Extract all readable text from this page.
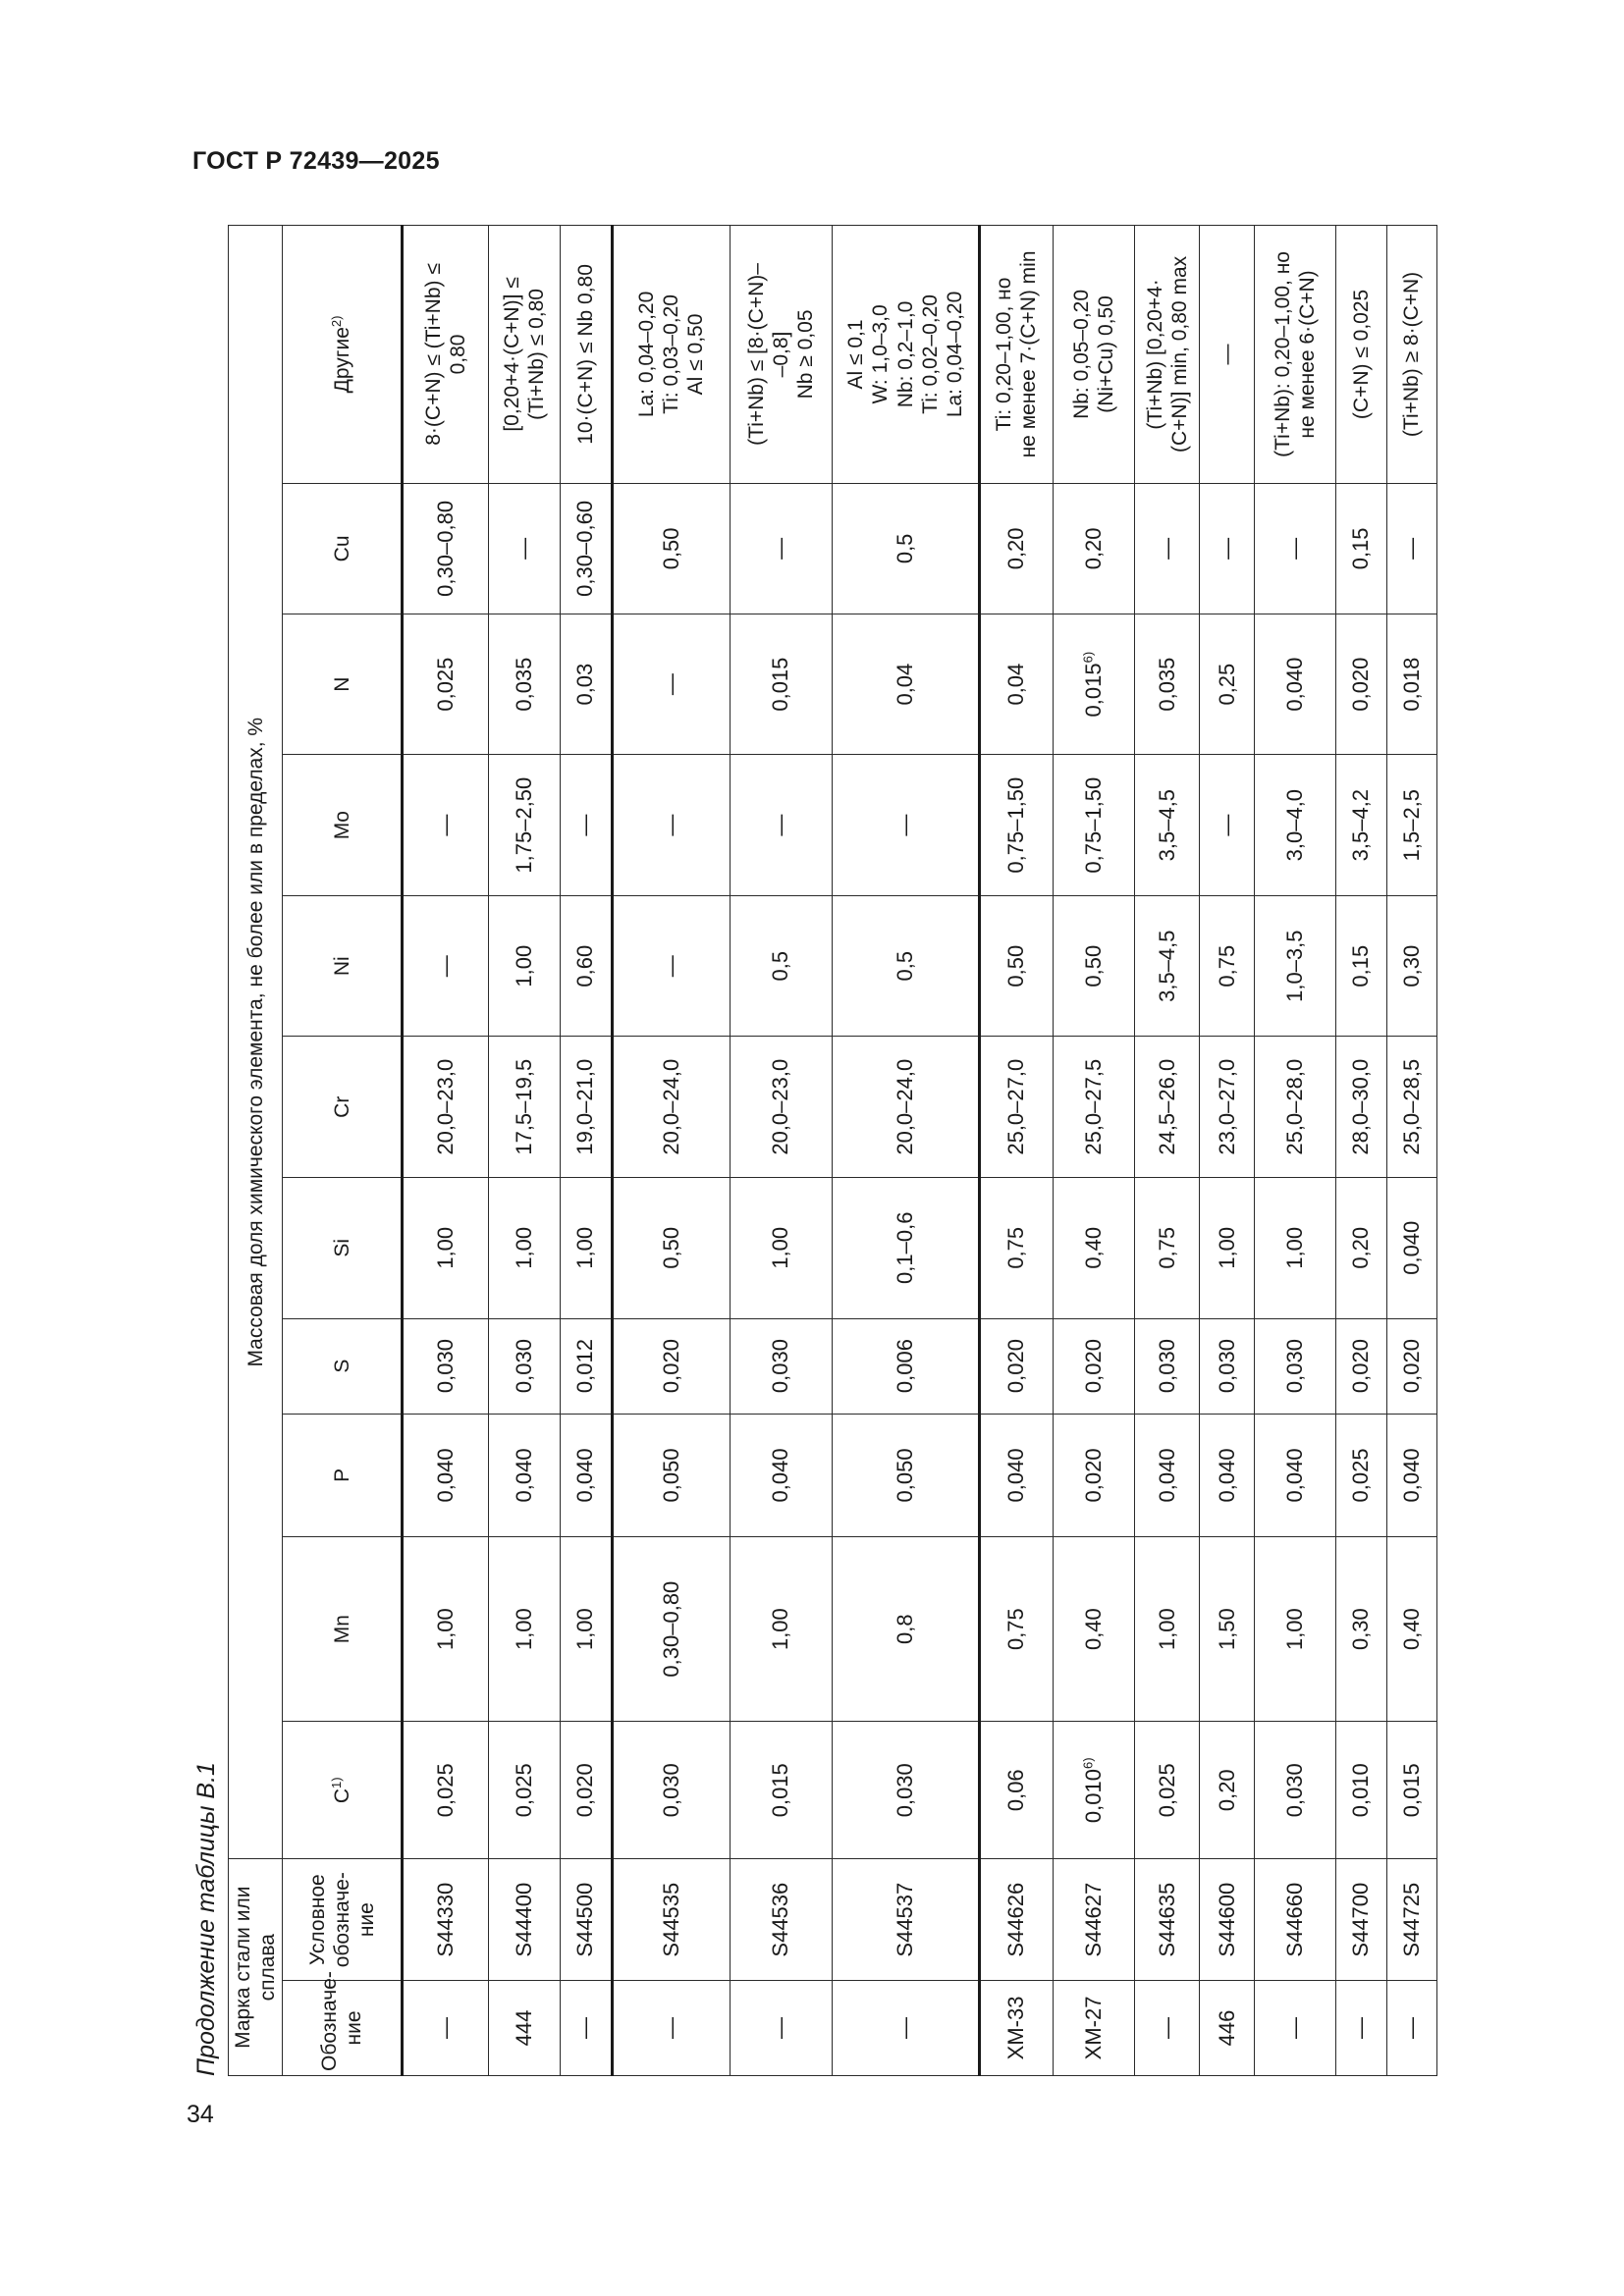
ГОСТ Р 72439—2025
34
Продолжение таблицы В.1 Марка стали или сплава		Массовая доля химического элемента, не более или в пределах, %										
Обозначе-
ние	Условное
обозначе-
ние	$C^{1)}$	Mn	P	S	Si	Cr	Ni	Mo	N	Cu	Другие$^{2)}$
—	S44330	0,025	1,00	0,040	0,030	1,00	20,0–23,0	—	—	0,025	0,30–0,80	8·(C+N) ≤ (Ti+Nb) ≤
0,80
444	S44400	0,025	1,00	0,040	0,030	1,00	17,5–19,5	1,00	1,75–2,50	0,035	—	[0,20+4·(C+N)] ≤
(Ti+Nb) ≤ 0,80
—	S44500	0,020	1,00	0,040	0,012	1,00	19,0–21,0	0,60	—	0,03	0,30–0,60	10·(C+N) ≤ Nb 0,80
—	S44535	0,030	0,30–0,80	0,050	0,020	0,50	20,0–24,0	—	—	—	0,50	La: 0,04–0,20
Ti: 0,03–0,20
Al ≤ 0,50
—	S44536	0,015	1,00	0,040	0,030	1,00	20,0–23,0	0,5	—	0,015	—	(Ti+Nb) ≤ [8·(C+N)–
–0,8]
Nb ≥ 0,05
—	S44537	0,030	0,8	0,050	0,006	0,1–0,6	20,0–24,0	0,5	—	0,04	0,5	Al ≤ 0,1
W: 1,0–3,0
Nb: 0,2–1,0
Ti: 0,02–0,20
La: 0,04–0,20
XM-33	S44626	0,06	0,75	0,040	0,020	0,75	25,0–27,0	0,50	0,75–1,50	0,04	0,20	Ti: 0,20–1,00, но
не менее 7·(C+N) min
XM-27	S44627	0,010$^{6)}$	0,40	0,020	0,020	0,40	25,0–27,5	0,50	0,75–1,50	0,015$^{6)}$	0,20	Nb: 0,05–0,20
(Ni+Cu) 0,50
—	S44635	0,025	1,00	0,040	0,030	0,75	24,5–26,0	3,5–4,5	3,5–4,5	0,035	—	(Ti+Nb) [0,20+4·
(C+N)] min, 0,80 max
446	S44600	0,20	1,50	0,040	0,030	1,00	23,0–27,0	0,75	—	0,25	—	—
—	S44660	0,030	1,00	0,040	0,030	1,00	25,0–28,0	1,0–3,5	3,0–4,0	0,040	—	(Ti+Nb): 0,20–1,00, но
не менее 6·(C+N)
—	S44700	0,010	0,30	0,025	0,020	0,20	28,0–30,0	0,15	3,5–4,2	0,020	0,15	(C+N) ≤ 0,025
—	S44725	0,015	0,40	0,040	0,020	0,040	25,0–28,5	0,30	1,5–2,5	0,018	—	(Ti+Nb) ≥ 8·(C+N)
